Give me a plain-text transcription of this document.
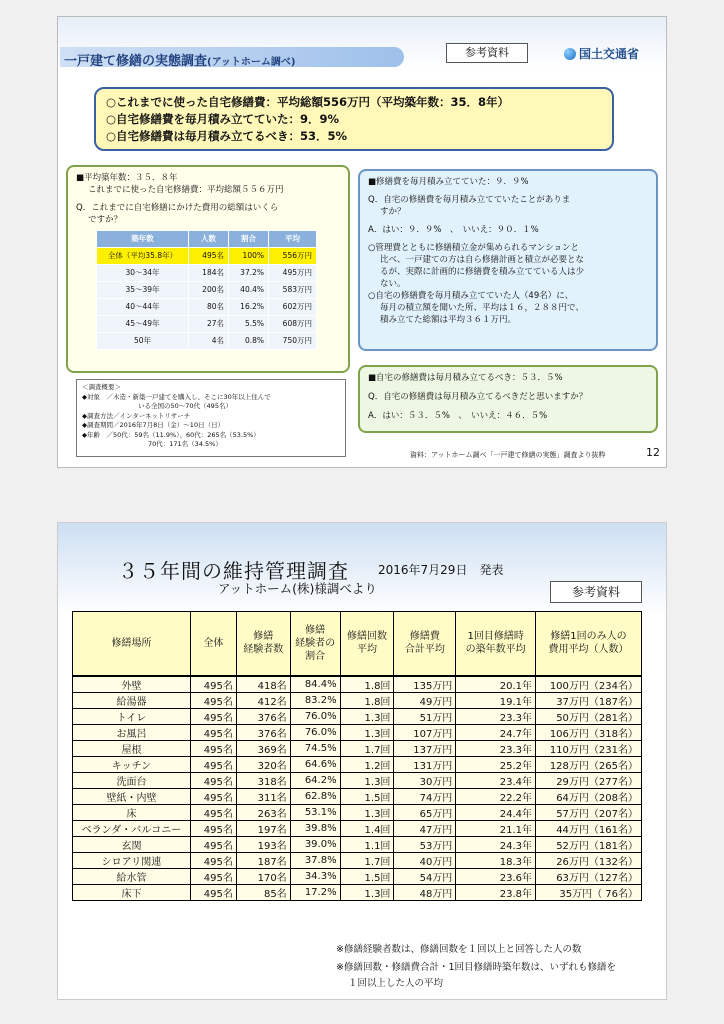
一戸建て修繕の実態調査(アットホーム調べ)
参考資料	国土交通省
○これまでに使った自宅修繕費：平均総額556万円（平均築年数：35．8年）
○自宅修繕費を毎月積み立てていた：9．9%
○自宅修繕費は毎月積み立てるべき：53．5%
■平均築年数：３５．８年
これまでに使った自宅修繕費：平均総額５５６万円
Q．これまでに自宅修繕にかけた費用の総額はいくら
ですか？
築年数	人数	割合	平均
全体（平均35.8年）	495名	100%	556万円
30～34年	184名	37.2%	495万円
35～39年	200名	40.4%	583万円
40～44年	80名	16.2%	602万円
45～49年	27名	5.5%	608万円
50年	4名	0.8%	750万円
■修繕費を毎月積み立てていた：９．９%
Q．自宅の修繕費を毎月積み立てていたことがありま
すか？
A．はい：９．９%　、　いいえ：９０．１%
○管理費とともに修繕積立金が集められるマンションと
比べ、一戸建ての方は自ら修繕計画と積立が必要とな
るが、実際に計画的に修繕費を積み立てている人は少
ない。
○自宅の修繕費を毎月積み立てていた人（49名）に、
毎月の積立額を聞いた所、平均は１６，２８８円で、
積み立てた総額は平均３６１万円。
■自宅の修繕費は毎月積み立てるべき：５３．５%
Q．自宅の修繕費は毎月積み立てるべきだと思いますか？
A．はい：５３．５%　、　いいえ：４６．５%
＜調査概要＞
◆対象　／木造・新築一戸建てを購入し、そこに30年以上住んで
いる全国の50～70代（495名）
◆調査方法／インターネットリサーチ
◆調査期間／2016年7月8日（金）～10日（日）
◆年齢　／50代：59名（11.9%）、60代：265名（53.5%）
70代：171名（34.5%）
資料：アットホーム調べ「一戸建て修繕の実態」調査より抜粋	12
３５年間の維持管理調査 2016年7月29日　発表
アットホーム(株)様調べより	参考資料
修繕場所	全体	修繕
経験者数	修繕
経験者の
割合	修繕回数
平均	修繕費
合計平均	1回目修繕時
の築年数平均	修繕1回のみ人の
費用平均（人数）
外壁	495名	418名	84.4%	1.8回	135万円	20.1年	100万円（234名）
給湯器	495名	412名	83.2%	1.8回	49万円	19.1年	37万円（187名）
トイレ	495名	376名	76.0%	1.3回	51万円	23.3年	50万円（281名）
お風呂	495名	376名	76.0%	1.3回	107万円	24.7年	106万円（318名）
屋根	495名	369名	74.5%	1.7回	137万円	23.3年	110万円（231名）
キッチン	495名	320名	64.6%	1.2回	131万円	25.2年	128万円（265名）
洗面台	495名	318名	64.2%	1.3回	30万円	23.4年	29万円（277名）
壁紙・内壁	495名	311名	62.8%	1.5回	74万円	22.2年	64万円（208名）
床	495名	263名	53.1%	1.3回	65万円	24.4年	57万円（207名）
ベランダ・バルコニー	495名	197名	39.8%	1.4回	47万円	21.1年	44万円（161名）
玄関	495名	193名	39.0%	1.1回	53万円	24.3年	52万円（181名）
シロアリ関連	495名	187名	37.8%	1.7回	40万円	18.3年	26万円（132名）
給水管	495名	170名	34.3%	1.5回	54万円	23.6年	63万円（127名）
床下	495名	85名	17.2%	1.3回	48万円	23.8年	35万円（ 76名）
※修繕経験者数は、修繕回数を１回以上と回答した人の数
※修繕回数・修繕費合計・1回目修繕時築年数は、いずれも修繕を
１回以上した人の平均
